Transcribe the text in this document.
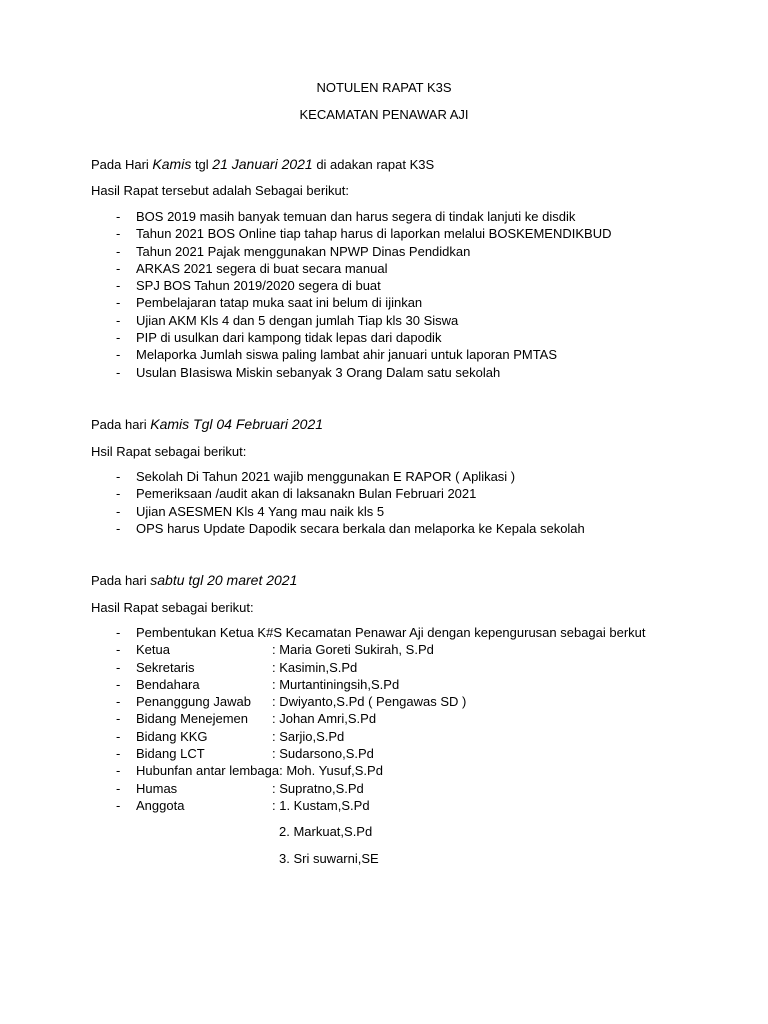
NOTULEN RAPAT K3S
KECAMATAN PENAWAR AJI
Pada Hari Kamis tgl 21 Januari 2021 di adakan rapat K3S
Hasil Rapat tersebut adalah Sebagai berikut:
- BOS 2019 masih banyak temuan dan harus segera di tindak lanjuti ke disdik
- Tahun 2021 BOS Online tiap tahap harus di laporkan melalui BOSKEMENDIKBUD
- Tahun 2021 Pajak menggunakan NPWP Dinas Pendidkan
- ARKAS 2021 segera di buat secara manual
- SPJ BOS Tahun 2019/2020 segera di buat
- Pembelajaran tatap muka saat ini belum di ijinkan
- Ujian AKM Kls 4 dan 5 dengan jumlah Tiap kls 30 Siswa
- PIP di usulkan dari kampong tidak lepas dari dapodik
- Melaporka Jumlah siswa paling lambat ahir januari untuk laporan PMTAS
- Usulan BIasiswa Miskin sebanyak 3 Orang Dalam satu sekolah
Pada hari Kamis Tgl 04 Februari 2021
Hsil Rapat sebagai berikut:
- Sekolah Di Tahun 2021 wajib menggunakan E RAPOR ( Aplikasi )
- Pemeriksaan /audit akan di laksanakn Bulan Februari 2021
- Ujian ASESMEN Kls 4 Yang mau naik kls 5
- OPS harus Update Dapodik secara berkala dan melaporka ke Kepala sekolah
Pada hari sabtu tgl 20 maret 2021
Hasil Rapat sebagai berikut:
- Pembentukan Ketua K#S Kecamatan Penawar Aji dengan kepengurusan sebagai berkut
- Ketua	: Maria Goreti Sukirah, S.Pd
- Sekretaris	: Kasimin,S.Pd
- Bendahara	: Murtantiningsih,S.Pd
- Penanggung Jawab : Dwiyanto,S.Pd ( Pengawas SD )
- Bidang Menejemen : Johan Amri,S.Pd
- Bidang KKG	: Sarjio,S.Pd
- Bidang LCT	: Sudarsono,S.Pd
- Hubunfan antar lembaga: Moh. Yusuf,S.Pd
- Humas	: Supratno,S.Pd
- Anggota	: 1. Kustam,S.Pd
2. Markuat,S.Pd
3. Sri suwarni,SE
